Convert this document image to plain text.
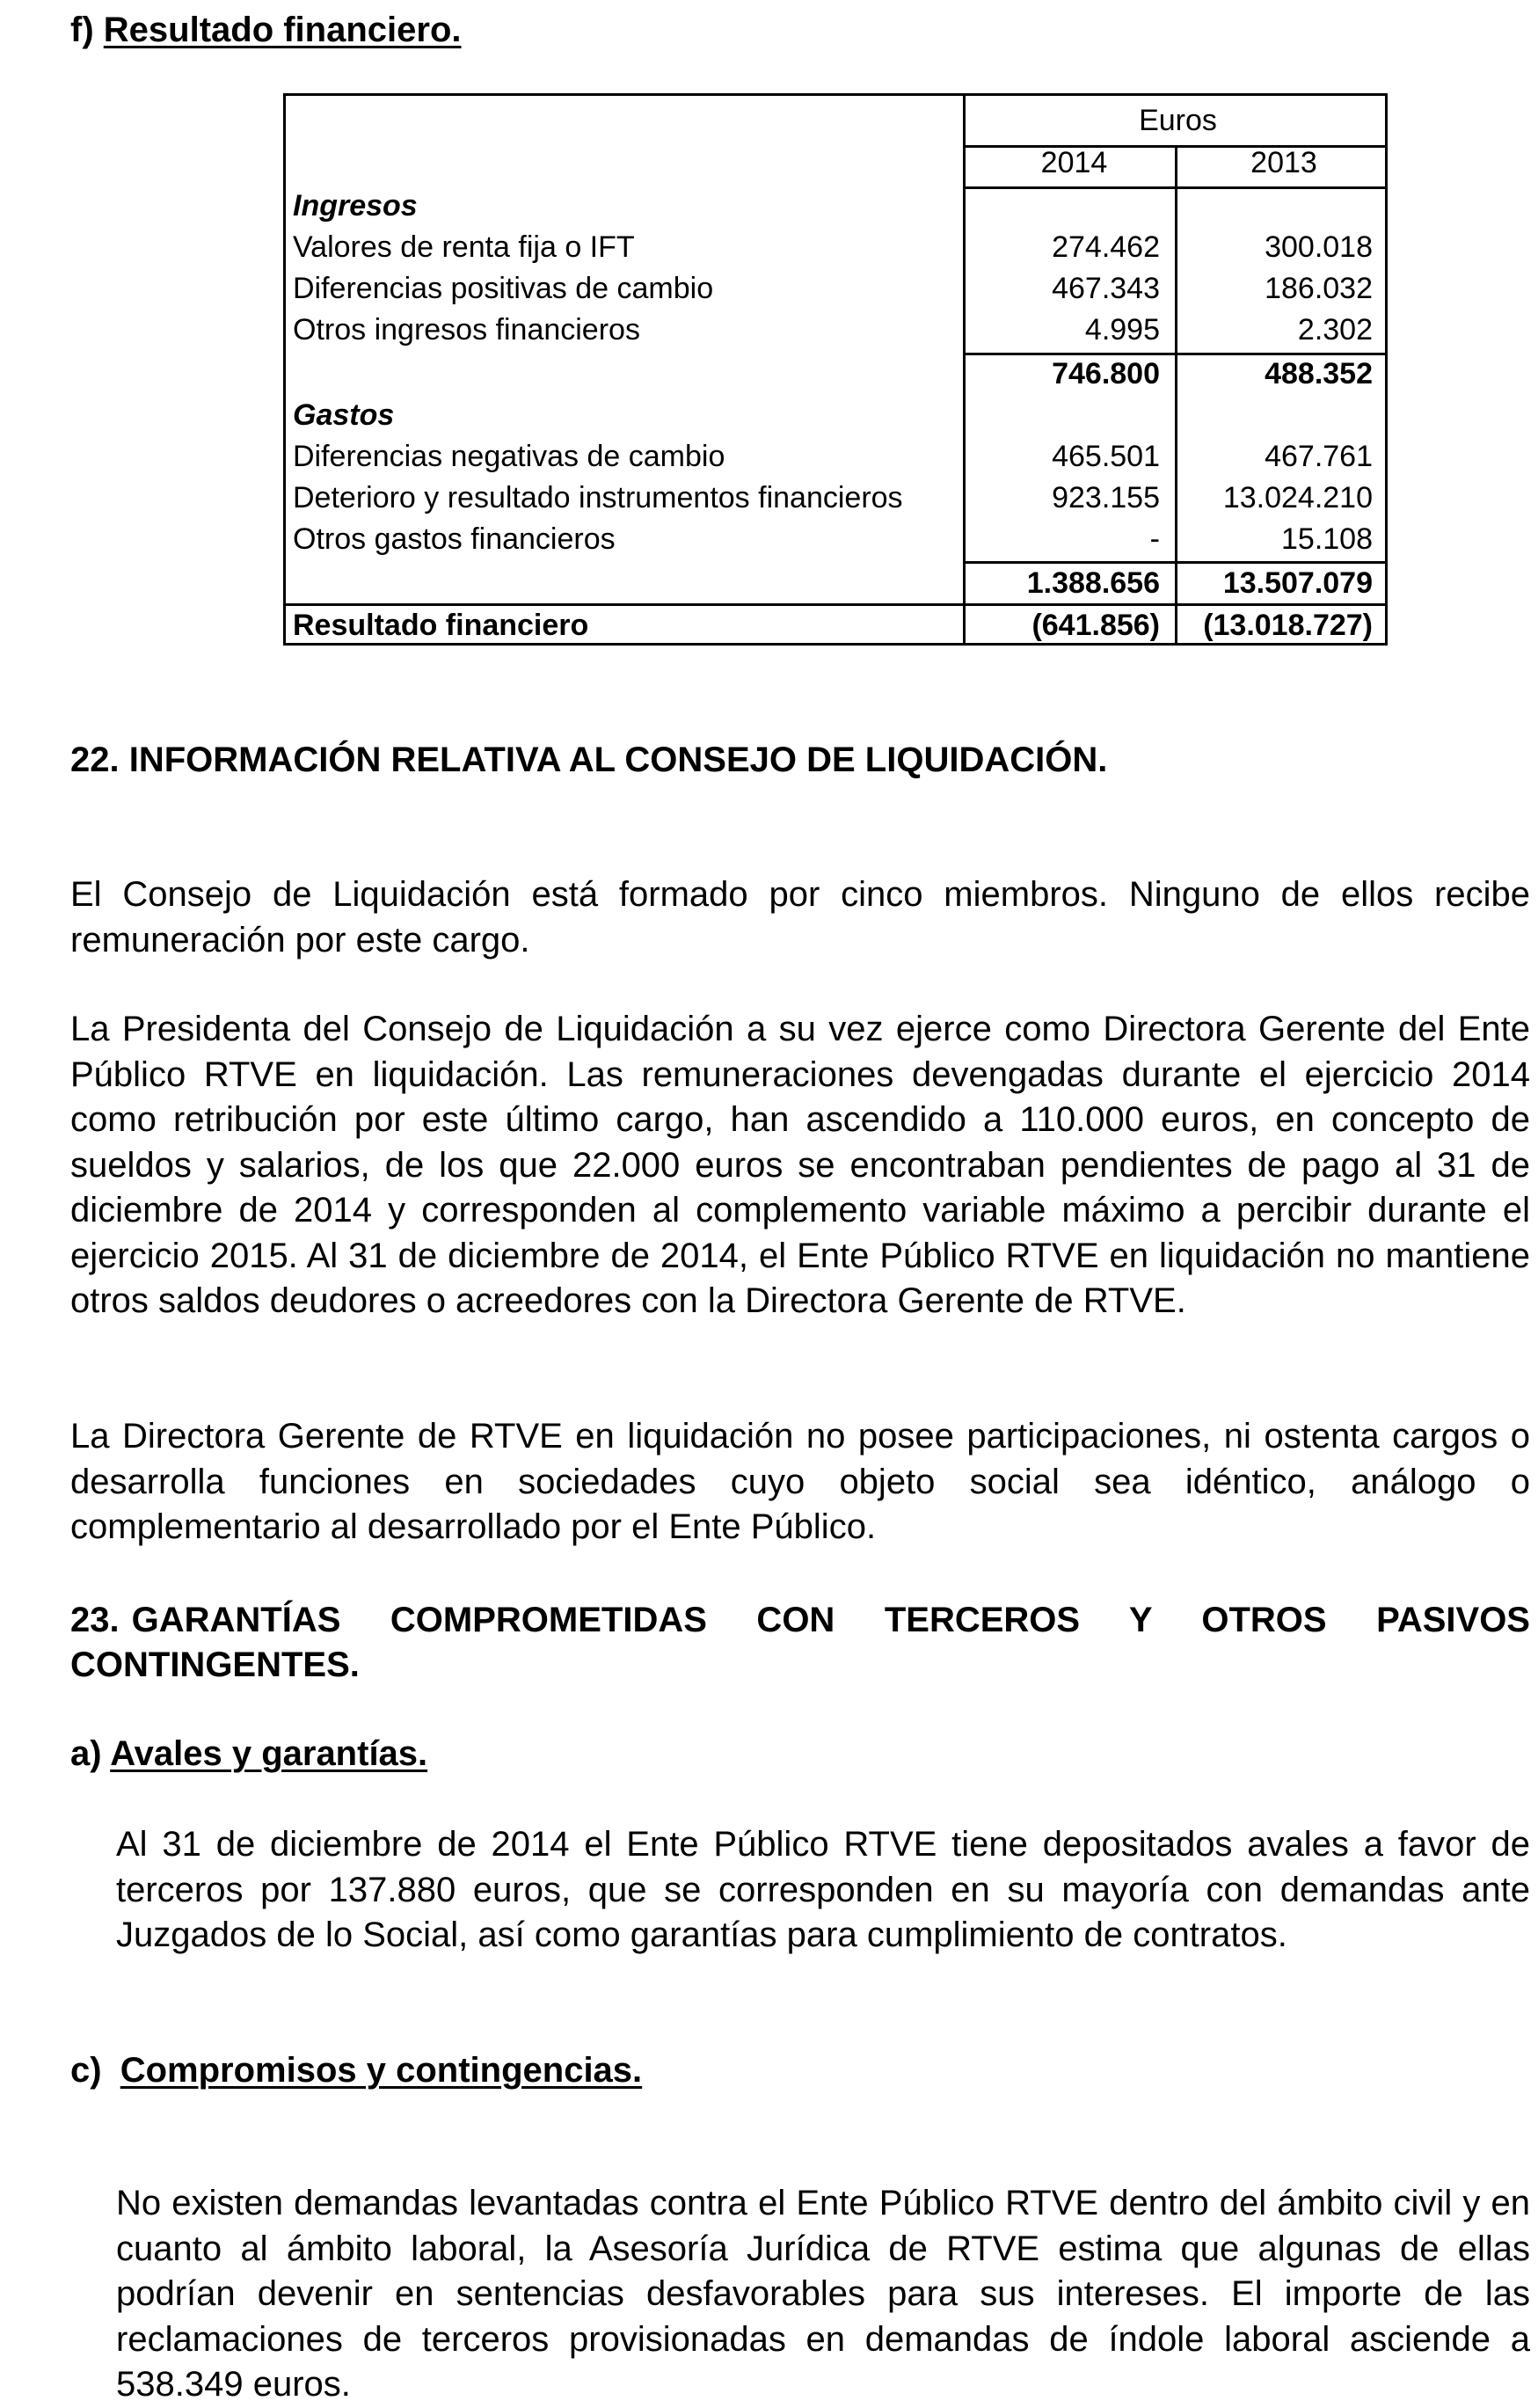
f) Resultado financiero.
Euros
2014	2013
Ingresos
Valores de renta fija o IFT	274.462	300.018
Diferencias positivas de cambio	467.343	186.032
Otros ingresos financieros	4.995	2.302
746.800	488.352
Gastos
Diferencias negativas de cambio	465.501	467.761
Deterioro y resultado instrumentos financieros	923.155 13.024.210
Otros gastos financieros	-	15.108
1.388.656 13.507.079
Resultado financiero	(641.856) (13.018.727)
22. INFORMACIÓN RELATIVA AL CONSEJO DE LIQUIDACIÓN.
El Consejo de Liquidación está formado por cinco miembros. Ninguno de ellos recibe remuneración por este cargo.
La Presidenta del Consejo de Liquidación a su vez ejerce como Directora Gerente del Ente Público RTVE en liquidación. Las remuneraciones devengadas durante el ejercicio 2014 como retribución por este último cargo, han ascendido a 110.000 euros, en concepto de sueldos y salarios, de los que 22.000 euros se encontraban pendientes de pago al 31 de diciembre de 2014 y corresponden al complemento variable máximo a percibir durante el ejercicio 2015. Al 31 de diciembre de 2014, el Ente Público RTVE en liquidación no mantiene otros saldos deudores o acreedores con la Directora Gerente de RTVE.
La Directora Gerente de RTVE en liquidación no posee participaciones, ni ostenta cargos o desarrolla funciones en sociedades cuyo objeto social sea idéntico, análogo o complementario al desarrollado por el Ente Público.
23. GARANTÍAS COMPROMETIDAS CON TERCEROS Y OTROS PASIVOS
CONTINGENTES.
a) Avales y garantías.
Al 31 de diciembre de 2014 el Ente Público RTVE tiene depositados avales a favor de terceros por 137.880 euros, que se corresponden en su mayoría con demandas ante Juzgados de lo Social, así como garantías para cumplimiento de contratos.
c) Compromisos y contingencias.
No existen demandas levantadas contra el Ente Público RTVE dentro del ámbito civil y en cuanto al ámbito laboral, la Asesoría Jurídica de RTVE estima que algunas de ellas podrían devenir en sentencias desfavorables para sus intereses. El importe de las reclamaciones de terceros provisionadas en demandas de índole laboral asciende a 538.349 euros.
